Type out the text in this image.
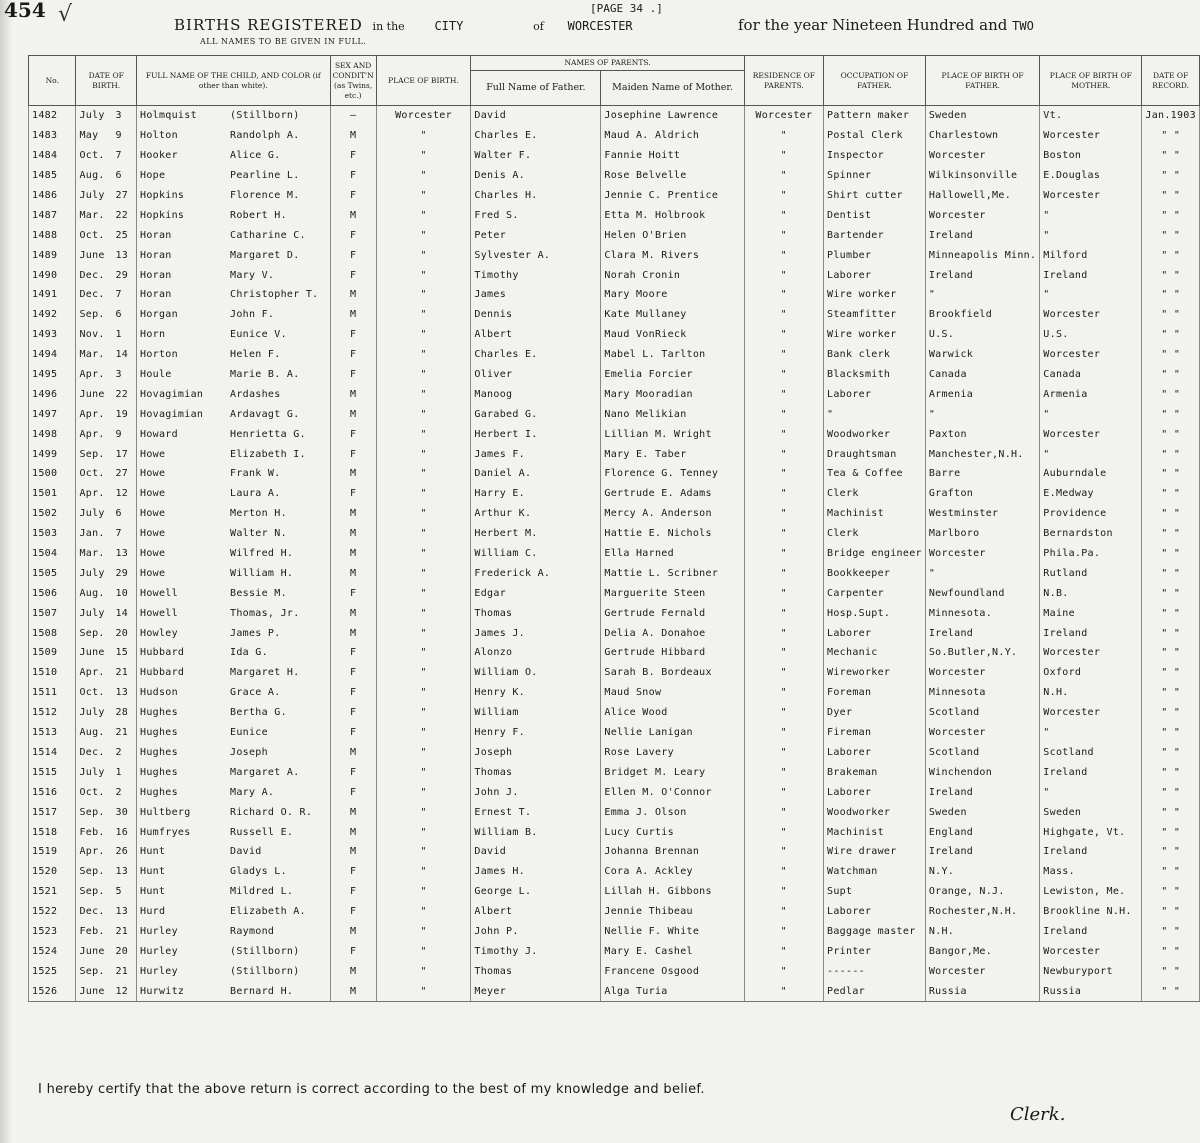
454 √	[PAGE 34 .]
BIRTHS REGISTERED in the CITY	of WORCESTER	for the year Nineteen Hundred and TWO
ALL NAMES TO BE GIVEN IN FULL.
No.	DATE OF BIRTH.	FULL NAME OF THE CHILD, AND COLOR (if other than white).	SEX AND CONDIT'N (as Twins, etc.)	PLACE OF BIRTH.	NAMES OF PARENTS.		RESIDENCE OF PARENTS.	OCCUPATION OF FATHER.	PLACE OF BIRTH OF FATHER.	PLACE OF BIRTH OF MOTHER.	DATE OF RECORD.
					Full Name of Father.	Maiden Name of Mother.					
1482	July 3	Holmquist (Stillborn)	—	Worcester	David	Josephine Lawrence	Worcester	Pattern maker	Sweden	Vt.	Jan.1903
1483	May 9	Holton Randolph A.	M	"	Charles E.	Maud A. Aldrich	"	Postal Clerk	Charlestown	Worcester	" "
1484	Oct. 7	Hooker Alice G.	F	"	Walter F.	Fannie Hoitt	"	Inspector	Worcester	Boston	" "
1485	Aug. 6	Hope Pearline L.	F	"	Denis A.	Rose Belvelle	"	Spinner	Wilkinsonville	E.Douglas	" "
1486	July 27	Hopkins Florence M.	F	"	Charles H.	Jennie C. Prentice	"	Shirt cutter	Hallowell,Me.	Worcester	" "
1487	Mar. 22	Hopkins Robert H.	M	"	Fred S.	Etta M. Holbrook	"	Dentist	Worcester	"	" "
1488	Oct. 25	Horan Catharine C.	F	"	Peter	Helen O'Brien	"	Bartender	Ireland	"	" "
1489	June 13	Horan Margaret D.	F	"	Sylvester A.	Clara M. Rivers	"	Plumber	Minneapolis Minn.	Milford	" "
1490	Dec. 29	Horan Mary V.	F	"	Timothy	Norah Cronin	"	Laborer	Ireland	Ireland	" "
1491	Dec. 7	Horan Christopher T.	M	"	James	Mary Moore	"	Wire worker	"	"	" "
1492	Sep. 6	Horgan John F.	M	"	Dennis	Kate Mullaney	"	Steamfitter	Brookfield	Worcester	" "
1493	Nov. 1	Horn Eunice V.	F	"	Albert	Maud VonRieck	"	Wire worker	U.S.	U.S.	" "
1494	Mar. 14	Horton Helen F.	F	"	Charles E.	Mabel L. Tarlton	"	Bank clerk	Warwick	Worcester	" "
1495	Apr. 3	Houle Marie B. A.	F	"	Oliver	Emelia Forcier	"	Blacksmith	Canada	Canada	" "
1496	June 22	Hovagimian Ardashes	M	"	Manoog	Mary Mooradian	"	Laborer	Armenia	Armenia	" "
1497	Apr. 19	Hovagimian Ardavagt G.	M	"	Garabed G.	Nano Melikian	"	"	"	"	" "
1498	Apr. 9	Howard Henrietta G.	F	"	Herbert I.	Lillian M. Wright	"	Woodworker	Paxton	Worcester	" "
1499	Sep. 17	Howe Elizabeth I.	F	"	James F.	Mary E. Taber	"	Draughtsman	Manchester,N.H.	"	" "
1500	Oct. 27	Howe Frank W.	M	"	Daniel A.	Florence G. Tenney	"	Tea & Coffee	Barre	Auburndale	" "
1501	Apr. 12	Howe Laura A.	F	"	Harry E.	Gertrude E. Adams	"	Clerk	Grafton	E.Medway	" "
1502	July 6	Howe Merton H.	M	"	Arthur K.	Mercy A. Anderson	"	Machinist	Westminster	Providence	" "
1503	Jan. 7	Howe Walter N.	M	"	Herbert M.	Hattie E. Nichols	"	Clerk	Marlboro	Bernardston	" "
1504	Mar. 13	Howe Wilfred H.	M	"	William C.	Ella Harned	"	Bridge engineer	Worcester	Phila.Pa.	" "
1505	July 29	Howe William H.	M	"	Frederick A.	Mattie L. Scribner	"	Bookkeeper	"	Rutland	" "
1506	Aug. 10	Howell Bessie M.	F	"	Edgar	Marguerite Steen	"	Carpenter	Newfoundland	N.B.	" "
1507	July 14	Howell Thomas, Jr.	M	"	Thomas	Gertrude Fernald	"	Hosp.Supt.	Minnesota.	Maine	" "
1508	Sep. 20	Howley James P.	M	"	James J.	Delia A. Donahoe	"	Laborer	Ireland	Ireland	" "
1509	June 15	Hubbard Ida G.	F	"	Alonzo	Gertrude Hibbard	"	Mechanic	So.Butler,N.Y.	Worcester	" "
1510	Apr. 21	Hubbard Margaret H.	F	"	William O.	Sarah B. Bordeaux	"	Wireworker	Worcester	Oxford	" "
1511	Oct. 13	Hudson Grace A.	F	"	Henry K.	Maud Snow	"	Foreman	Minnesota	N.H.	" "
1512	July 28	Hughes Bertha G.	F	"	William	Alice Wood	"	Dyer	Scotland	Worcester	" "
1513	Aug. 21	Hughes Eunice	F	"	Henry F.	Nellie Lanigan	"	Fireman	Worcester	"	" "
1514	Dec. 2	Hughes Joseph	M	"	Joseph	Rose Lavery	"	Laborer	Scotland	Scotland	" "
1515	July 1	Hughes Margaret A.	F	"	Thomas	Bridget M. Leary	"	Brakeman	Winchendon	Ireland	" "
1516	Oct. 2	Hughes Mary A.	F	"	John J.	Ellen M. O'Connor	"	Laborer	Ireland	"	" "
1517	Sep. 30	Hultberg Richard O. R.	M	"	Ernest T.	Emma J. Olson	"	Woodworker	Sweden	Sweden	" "
1518	Feb. 16	Humfryes Russell E.	M	"	William B.	Lucy Curtis	"	Machinist	England	Highgate, Vt.	" "
1519	Apr. 26	Hunt David	M	"	David	Johanna Brennan	"	Wire drawer	Ireland	Ireland	" "
1520	Sep. 13	Hunt Gladys L.	F	"	James H.	Cora A. Ackley	"	Watchman	N.Y.	Mass.	" "
1521	Sep. 5	Hunt Mildred L.	F	"	George L.	Lillah H. Gibbons	"	Supt	Orange, N.J.	Lewiston, Me.	" "
1522	Dec. 13	Hurd Elizabeth A.	F	"	Albert	Jennie Thibeau	"	Laborer	Rochester,N.H.	Brookline N.H.	" "
1523	Feb. 21	Hurley Raymond	M	"	John P.	Nellie F. White	"	Baggage master	N.H.	Ireland	" "
1524	June 20	Hurley (Stillborn)	F	"	Timothy J.	Mary E. Cashel	"	Printer	Bangor,Me.	Worcester	" "
1525	Sep. 21	Hurley (Stillborn)	M	"	Thomas	Francene Osgood	"	------	Worcester	Newburyport	" "
1526	June 12	Hurwitz Bernard H.	M	"	Meyer	Alga Turia	"	Pedlar	Russia	Russia	" "
I hereby certify that the above return is correct according to the best of my knowledge and belief.
Clerk.
